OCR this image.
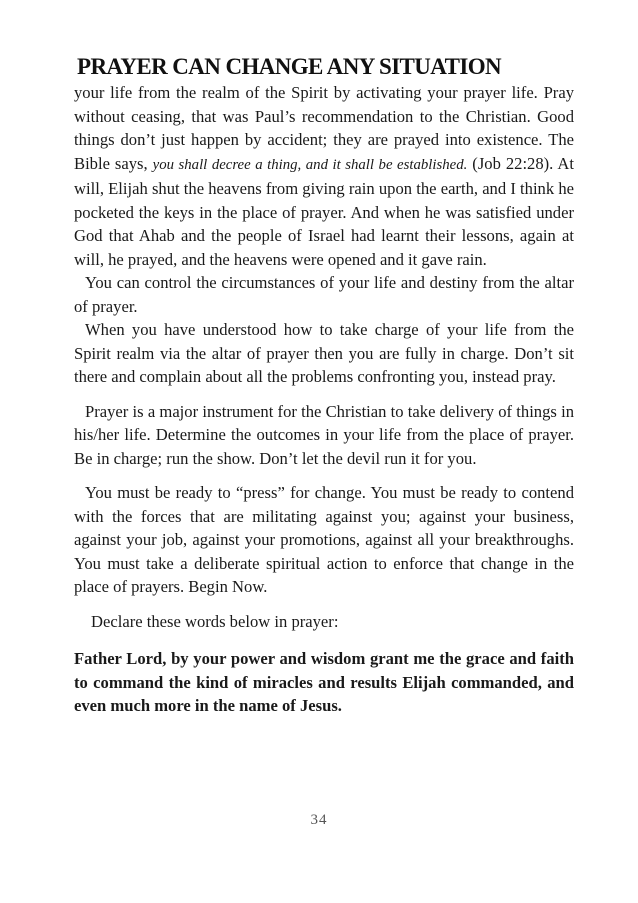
PRAYER CAN CHANGE ANY SITUATION

your life from the realm of the Spirit by activating your prayer life. Pray without ceasing, that was Paul’s recommendation to the Christian. Good things don’t just happen by accident; they are prayed into existence. The Bible says, you shall decree a thing, and it shall be established. (Job 22:28). At will, Elijah shut the heavens from giving rain upon the earth, and I think he pocketed the keys in the place of prayer. And when he was satisfied under God that Ahab and the people of Israel had learnt their lessons, again at will, he prayed, and the heavens were opened and it gave rain.

You can control the circumstances of your life and destiny from the altar of prayer.

When you have understood how to take charge of your life from the Spirit realm via the altar of prayer then you are fully in charge. Don’t sit there and complain about all the problems confronting you, instead pray.

Prayer is a major instrument for the Christian to take delivery of things in his/her life. Determine the outcomes in your life from the place of prayer. Be in charge; run the show. Don’t let the devil run it for you.

You must be ready to “press” for change. You must be ready to contend with the forces that are militating against you; against your business, against your job, against your promotions, against all your breakthroughs. You must take a deliberate spiritual action to enforce that change in the place of prayers. Begin Now.

Declare these words below in prayer:

Father Lord, by your power and wisdom grant me the grace and faith to command the kind of miracles and results Elijah commanded, and even much more in the name of Jesus.

34
